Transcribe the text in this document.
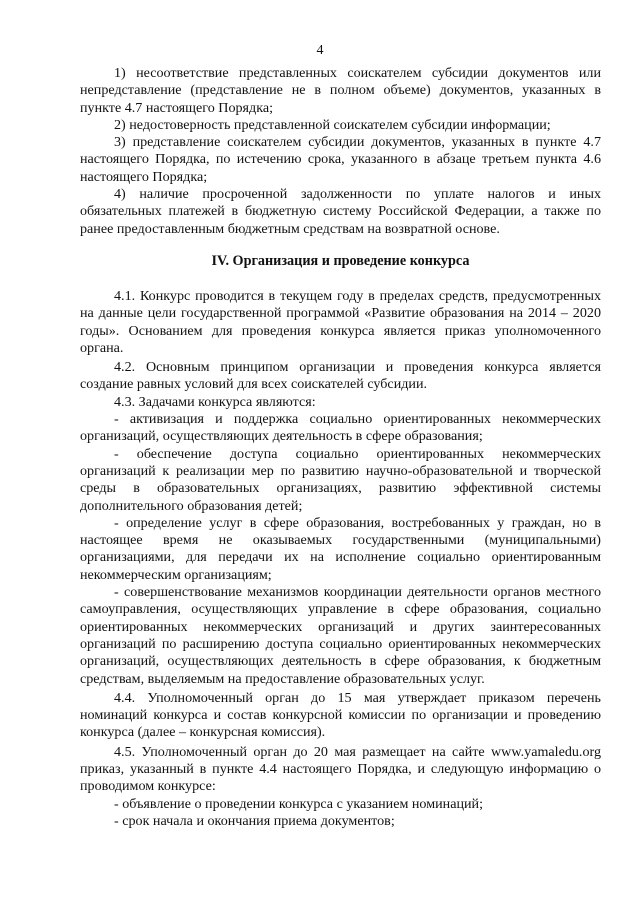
4

1) несоответствие представленных соискателем субсидии документов или непредставление (представление не в полном объеме) документов, указанных в пункте 4.7 настоящего Порядка;

2) недостоверность представленной соискателем субсидии информации;

3) представление соискателем субсидии документов, указанных в пункте 4.7 настоящего Порядка, по истечению срока, указанного в абзаце третьем пункта 4.6 настоящего Порядка;

4) наличие просроченной задолженности по уплате налогов и иных обязательных платежей в бюджетную систему Российской Федерации, а также по ранее предоставленным бюджетным средствам на возвратной основе.

IV. Организация и проведение конкурса

4.1. Конкурс проводится в текущем году в пределах средств, предусмотренных на данные цели государственной программой «Развитие образования на 2014 – 2020 годы». Основанием для проведения конкурса является приказ уполномоченного органа.

4.2. Основным принципом организации и проведения конкурса является создание равных условий для всех соискателей субсидии.

4.3. Задачами конкурса являются:

- активизация и поддержка социально ориентированных некоммерческих организаций, осуществляющих деятельность в сфере образования;

- обеспечение доступа социально ориентированных некоммерческих организаций к реализации мер по развитию научно-образовательной и творческой среды в образовательных организациях, развитию эффективной системы дополнительного образования детей;

- определение услуг в сфере образования, востребованных у граждан, но в настоящее время не оказываемых государственными (муниципальными) организациями, для передачи их на исполнение социально ориентированным некоммерческим организациям;

- совершенствование механизмов координации деятельности органов местного самоуправления, осуществляющих управление в сфере образования, социально ориентированных некоммерческих организаций и других заинтересованных организаций по расширению доступа социально ориентированных некоммерческих организаций, осуществляющих деятельность в сфере образования, к бюджетным средствам, выделяемым на предоставление образовательных услуг.

4.4. Уполномоченный орган до 15 мая утверждает приказом перечень номинаций конкурса и состав конкурсной комиссии по организации и проведению конкурса (далее – конкурсная комиссия).

4.5. Уполномоченный орган до 20 мая размещает на сайте www.yamaledu.org приказ, указанный в пункте 4.4 настоящего Порядка, и следующую информацию о проводимом конкурсе:

- объявление о проведении конкурса с указанием номинаций;

- срок начала и окончания приема документов;
